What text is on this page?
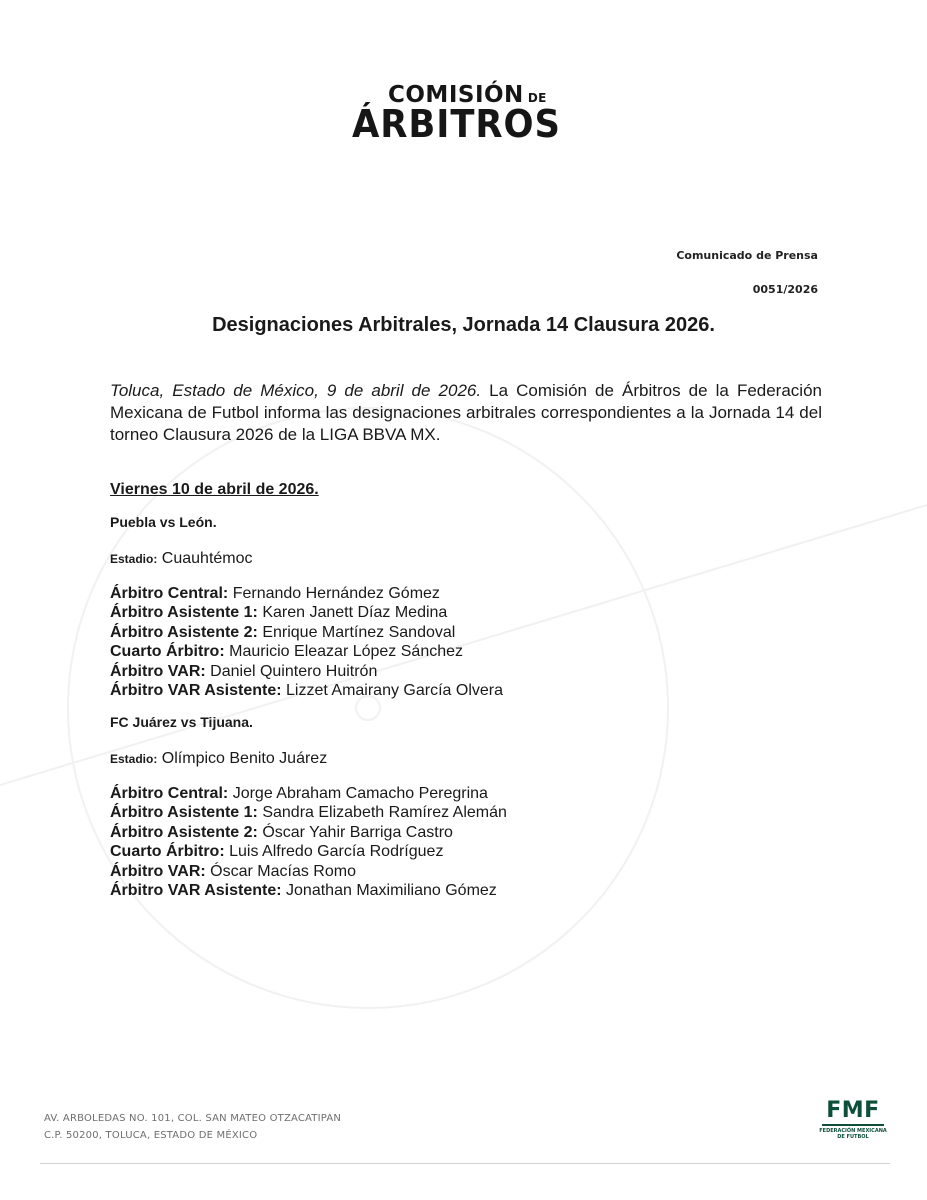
COMISIÓN DE
ÁRBITROS
Comunicado de Prensa
0051/2026
Designaciones Arbitrales, Jornada 14 Clausura 2026.
Toluca, Estado de México, 9 de abril de 2026. La Comisión de Árbitros de la Federación Mexicana de Futbol informa las designaciones arbitrales correspondientes a la Jornada 14 del torneo Clausura 2026 de la LIGA BBVA MX.
Viernes 10 de abril de 2026.
Puebla vs León.
Estadio: Cuauhtémoc
Árbitro Central: Fernando Hernández Gómez
Árbitro Asistente 1: Karen Janett Díaz Medina
Árbitro Asistente 2: Enrique Martínez Sandoval
Cuarto Árbitro: Mauricio Eleazar López Sánchez
Árbitro VAR: Daniel Quintero Huitrón
Árbitro VAR Asistente: Lizzet Amairany García Olvera
FC Juárez vs Tijuana.
Estadio: Olímpico Benito Juárez
Árbitro Central: Jorge Abraham Camacho Peregrina
Árbitro Asistente 1: Sandra Elizabeth Ramírez Alemán
Árbitro Asistente 2: Óscar Yahir Barriga Castro
Cuarto Árbitro: Luis Alfredo García Rodríguez
Árbitro VAR: Óscar Macías Romo
Árbitro VAR Asistente: Jonathan Maximiliano Gómez
AV. ARBOLEDAS NO. 101, COL. SAN MATEO OTZACATIPAN
C.P. 50200, TOLUCA, ESTADO DE MÉXICO
FMF
FEDERACIÓN MEXICANA
DE FUTBOL
